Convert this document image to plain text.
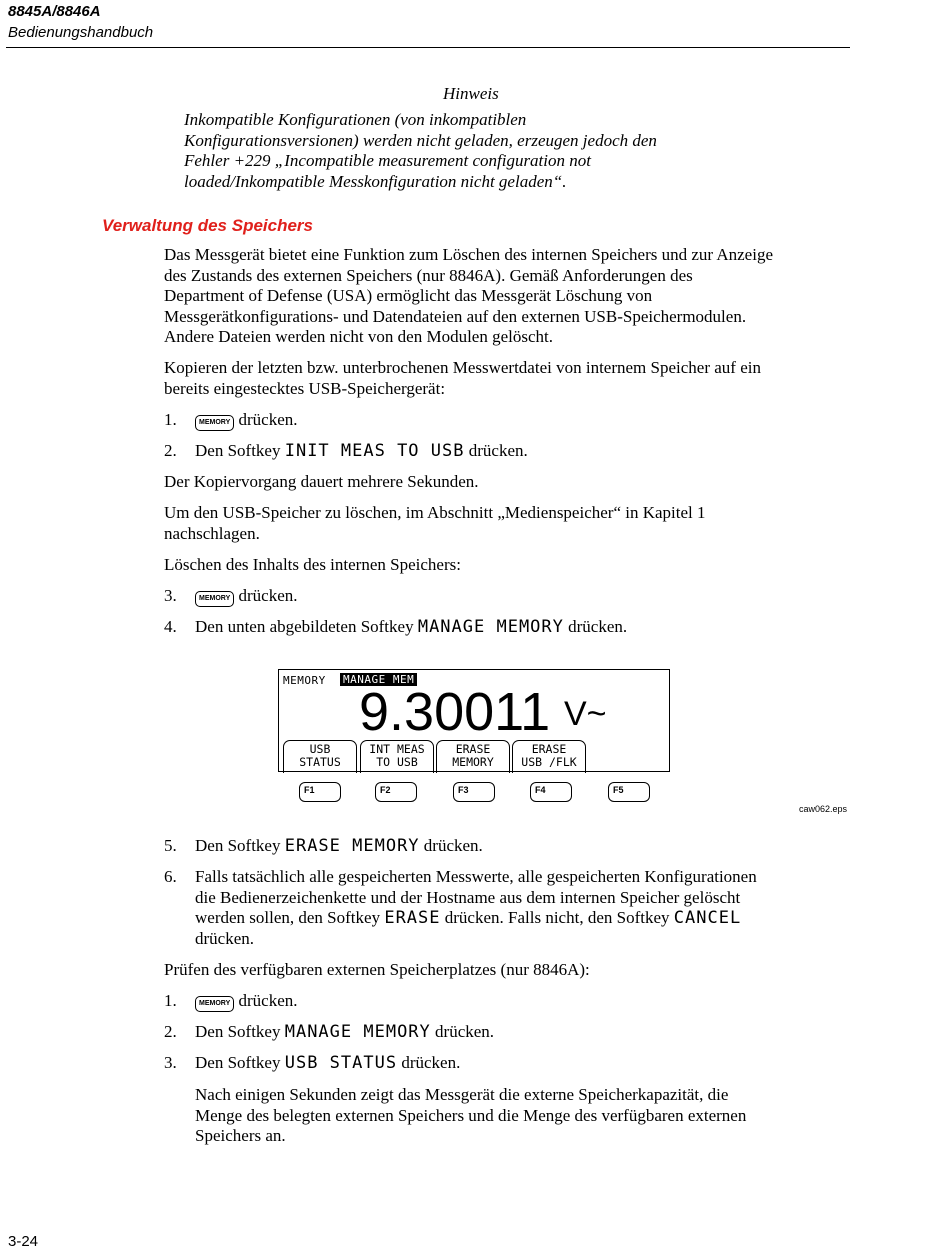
8845A/8846A
Bedienungshandbuch
Hinweis
Inkompatible Konfigurationen (von inkompatiblen
Konfigurationsversionen) werden nicht geladen, erzeugen jedoch den
Fehler +229 „Incompatible measurement configuration not
loaded/Inkompatible Messkonfiguration nicht geladen“.
Verwaltung des Speichers
Das Messgerät bietet eine Funktion zum Löschen des internen Speichers und zur Anzeige
des Zustands des externen Speichers (nur 8846A). Gemäß Anforderungen des
Department of Defense (USA) ermöglicht das Messgerät Löschung von
Messgerätkonfigurations- und Datendateien auf den externen USB-Speichermodulen.
Andere Dateien werden nicht von den Modulen gelöscht.
Kopieren der letzten bzw. unterbrochenen Messwertdatei von internem Speicher auf ein
bereits eingestecktes USB-Speichergerät:
1.	MEMORY drücken.
2. Den Softkey INIT MEAS TO USB drücken.
Der Kopiervorgang dauert mehrere Sekunden.
Um den USB-Speicher zu löschen, im Abschnitt „Medienspeicher“ in Kapitel 1
nachschlagen.
Löschen des Inhalts des internen Speichers:
3.	MEMORY drücken.
4. Den unten abgebildeten Softkey MANAGE MEMORY drücken.
MEMORY MANAGE MEM
9.30011 V~
USB
STATUS
INT MEAS
TO USB
ERASE
MEMORY
ERASE
USB /FLK
F1	F2	F3	F4	F5
caw062.eps
5. Den Softkey ERASE MEMORY drücken.
6. Falls tatsächlich alle gespeicherten Messwerte, alle gespeicherten Konfigurationen
die Bedienerzeichenkette und der Hostname aus dem internen Speicher gelöscht
werden sollen, den Softkey ERASE drücken. Falls nicht, den Softkey CANCEL
drücken.
Prüfen des verfügbaren externen Speicherplatzes (nur 8846A):
1.	MEMORY drücken.
2. Den Softkey MANAGE MEMORY drücken.
3. Den Softkey USB STATUS drücken.
Nach einigen Sekunden zeigt das Messgerät die externe Speicherkapazität, die
Menge des belegten externen Speichers und die Menge des verfügbaren externen
Speichers an.
3-24
